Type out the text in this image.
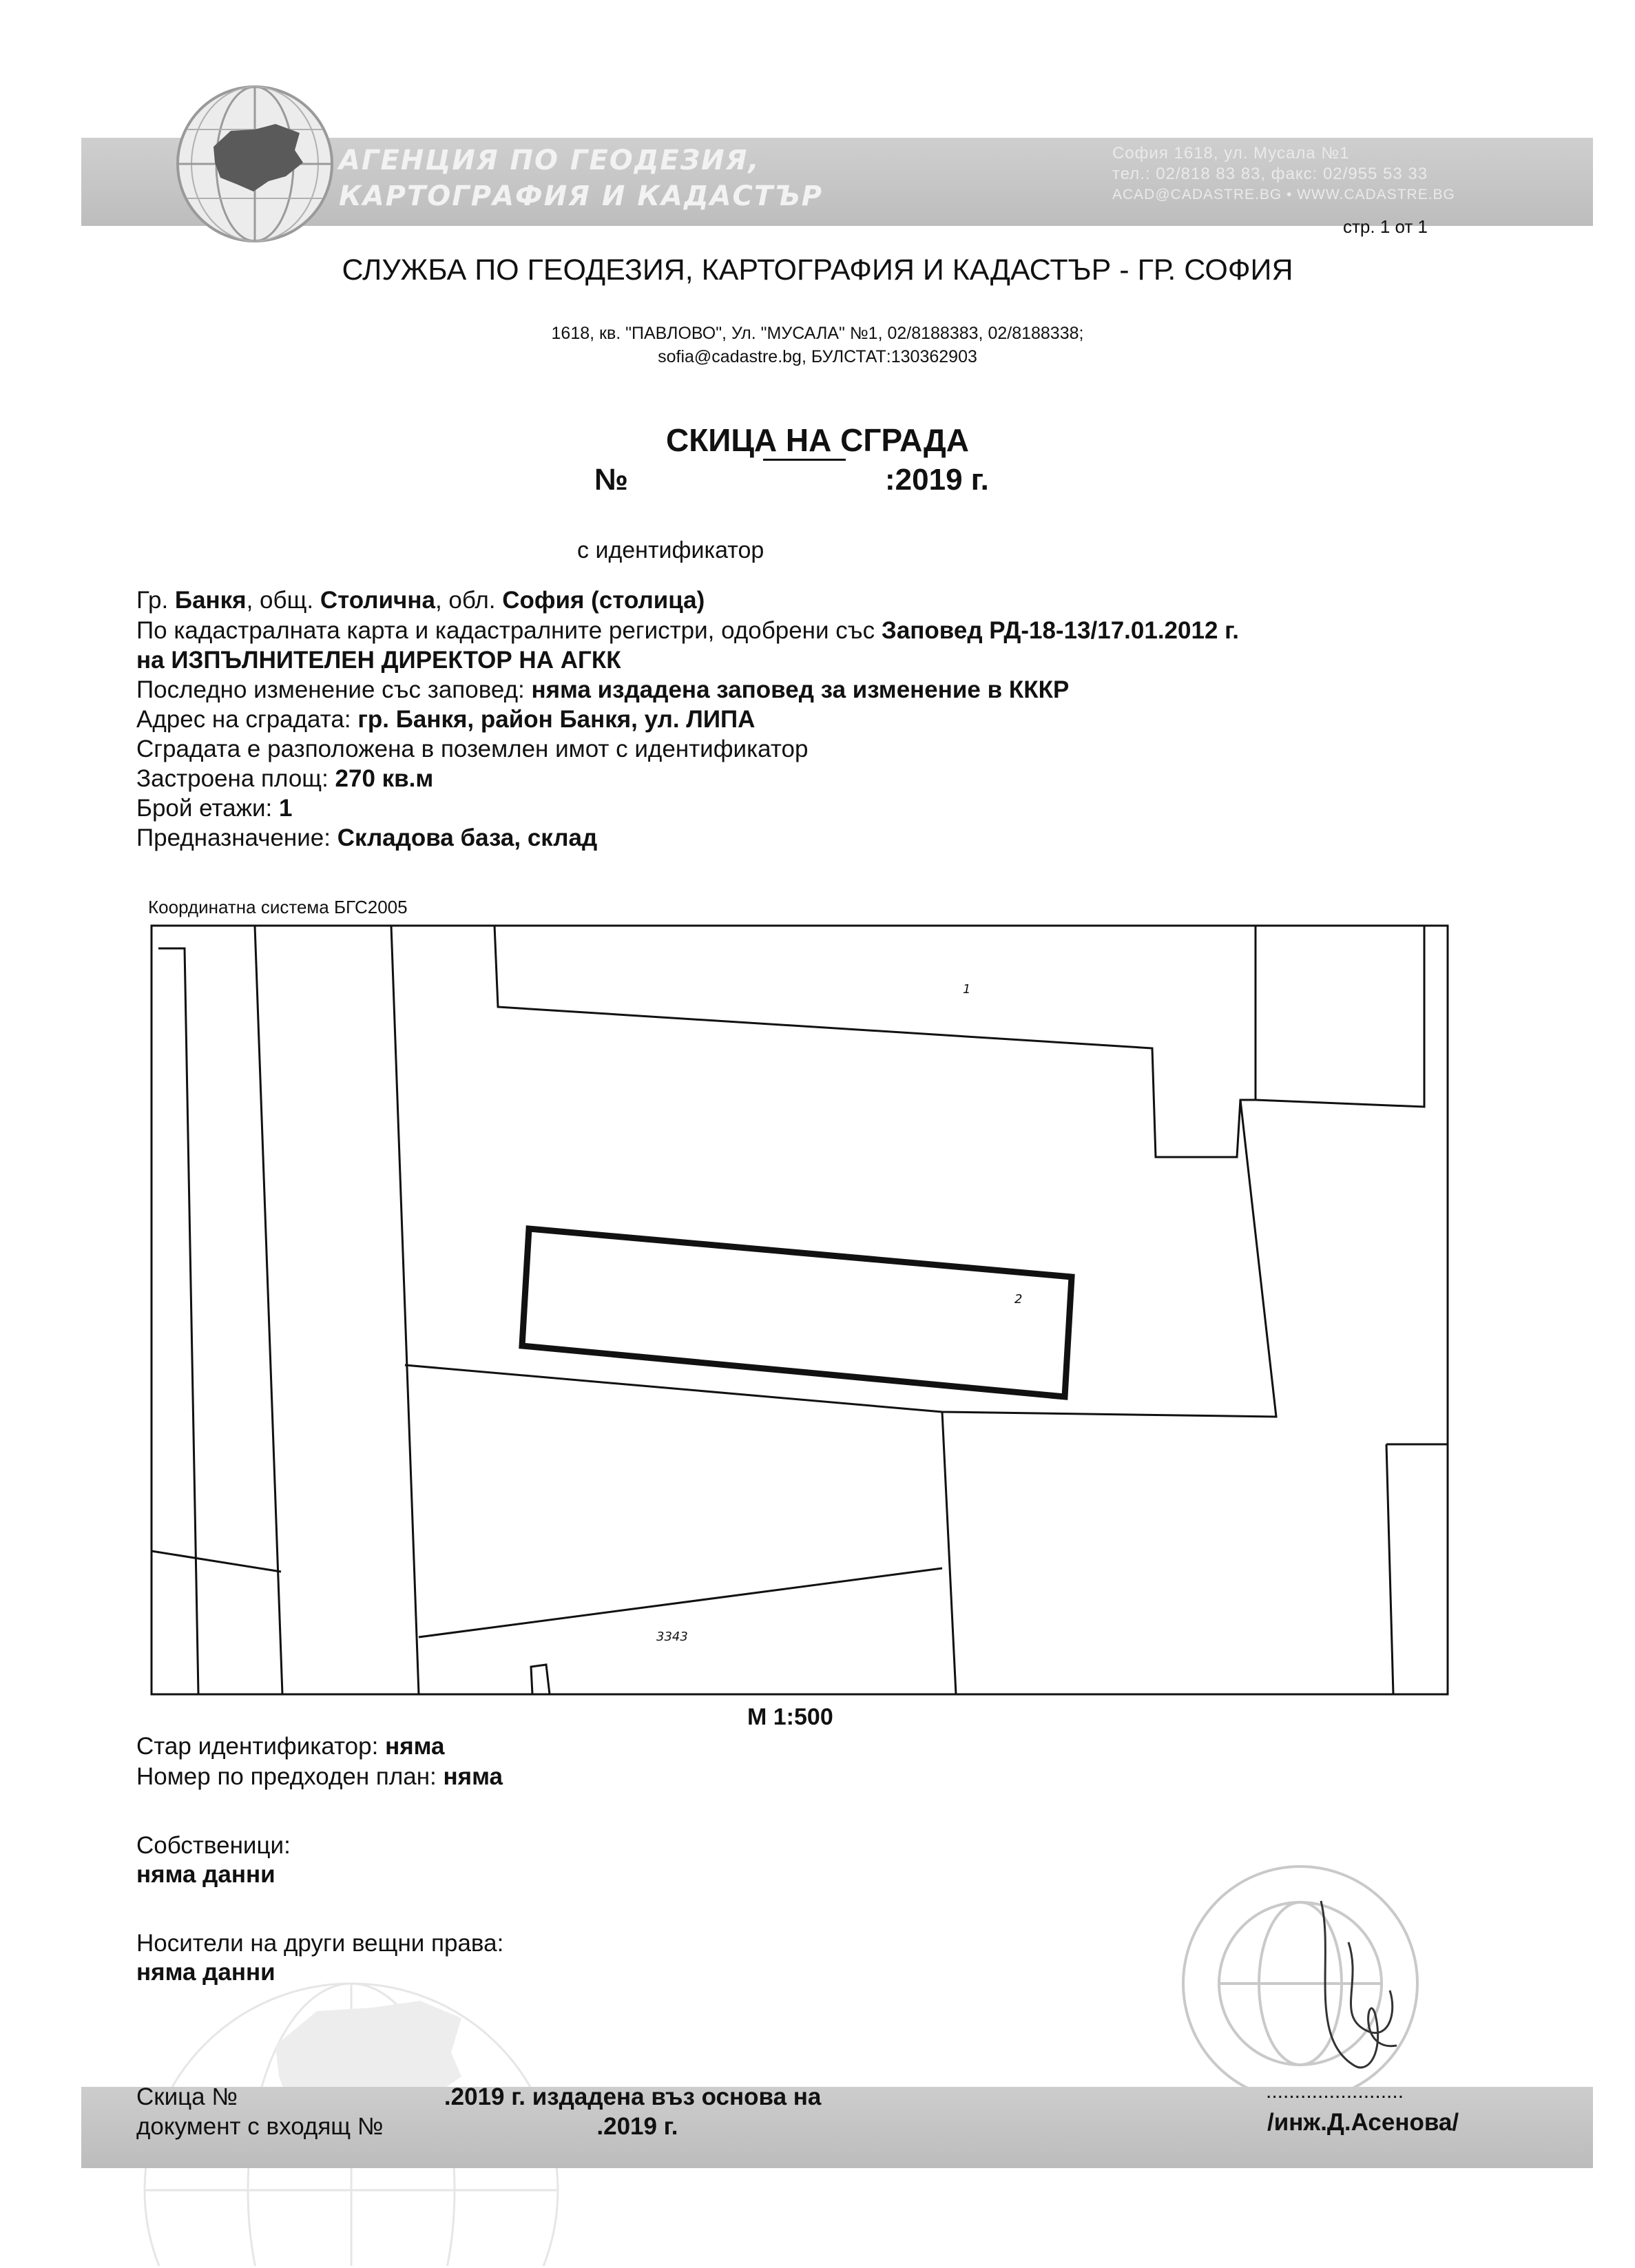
АГЕНЦИЯ ПО ГЕОДЕЗИЯ,
КАРТОГРАФИЯ И КАДАСТЪР
София 1618, ул. Мусала №1
тел.: 02/818 83 83, факс: 02/955 53 33
ACAD@CADASTRE.BG • WWW.CADASTRE.BG
стр. 1 от 1
СЛУЖБА ПО ГЕОДЕЗИЯ, КАРТОГРАФИЯ И КАДАСТЪР - ГР. СОФИЯ
1618, кв. "ПАВЛОВО", Ул. "МУСАЛА" №1, 02/8188383, 02/8188338;
sofia@cadastre.bg, БУЛСТАТ:130362903
СКИЦА НА СГРАДА
№	:2019 г.
с идентификатор
Гр. Банкя, общ. Столична, обл. София (столица)
По кадастралната карта и кадастралните регистри, одобрени със Заповед РД-18-13/17.01.2012 г.
на ИЗПЪЛНИТЕЛЕН ДИРЕКТОР НА АГКК
Последно изменение със заповед: няма издадена заповед за изменение в КККР
Адрес на сградата: гр. Банкя, район Банкя, ул. ЛИПА
Сградата е разположена в поземлен имот с идентификатор
Застроена площ: 270 кв.м
Брой етажи: 1
Предназначение: Складова база, склад
Координатна система БГС2005
1
2
3343
М 1:500
Стар идентификатор: няма
Номер по предходен план: няма
Собственици:
няма данни
Носители на други вещни права:
няма данни
Скица №	.2019 г. издадена въз основа на
документ с входящ №	.2019 г.
........................
/инж.Д.Асенова/
